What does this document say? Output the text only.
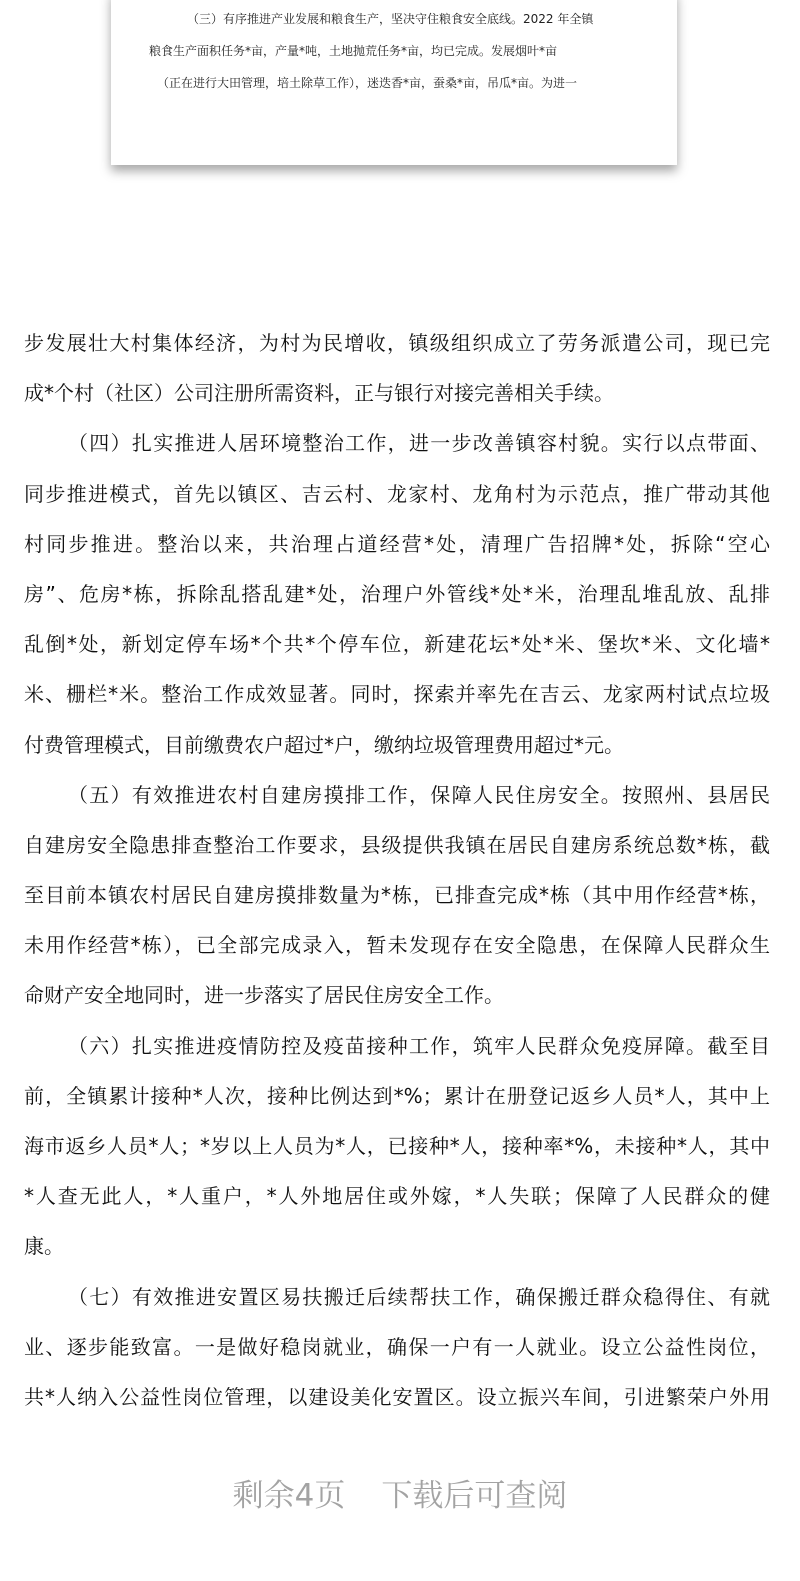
（三）有序推进产业发展和粮食生产，坚决守住粮食安全底线。2022 年全镇
粮食生产面积任务*亩，产量*吨，土地抛荒任务*亩，均已完成。发展烟叶*亩
（正在进行大田管理，培土除草工作），迷迭香*亩，蚕桑*亩，吊瓜*亩。为进一
步发展壮大村集体经济，为村为民增收，镇级组织成立了劳务派遣公司，现已完
成*个村（社区）公司注册所需资料，正与银行对接完善相关手续。
（四）扎实推进人居环境整治工作，进一步改善镇容村貌。实行以点带面、
同步推进模式，首先以镇区、吉云村、龙家村、龙角村为示范点，推广带动其他
村同步推进。整治以来，共治理占道经营*处，清理广告招牌*处，拆除“空心
房”、危房*栋，拆除乱搭乱建*处，治理户外管线*处*米，治理乱堆乱放、乱排
乱倒*处，新划定停车场*个共*个停车位，新建花坛*处*米、堡坎*米、文化墙*
米、栅栏*米。整治工作成效显著。同时，探索并率先在吉云、龙家两村试点垃圾
付费管理模式，目前缴费农户超过*户，缴纳垃圾管理费用超过*元。
（五）有效推进农村自建房摸排工作，保障人民住房安全。按照州、县居民
自建房安全隐患排查整治工作要求，县级提供我镇在居民自建房系统总数*栋，截
至目前本镇农村居民自建房摸排数量为*栋，已排查完成*栋（其中用作经营*栋，
未用作经营*栋），已全部完成录入，暂未发现存在安全隐患，在保障人民群众生
命财产安全地同时，进一步落实了居民住房安全工作。
（六）扎实推进疫情防控及疫苗接种工作，筑牢人民群众免疫屏障。截至目
前，全镇累计接种*人次，接种比例达到*%；累计在册登记返乡人员*人，其中上
海市返乡人员*人；*岁以上人员为*人，已接种*人，接种率*%，未接种*人，其中
*人查无此人，*人重户，*人外地居住或外嫁，*人失联；保障了人民群众的健
康。
（七）有效推进安置区易扶搬迁后续帮扶工作，确保搬迁群众稳得住、有就
业、逐步能致富。一是做好稳岗就业，确保一户有一人就业。设立公益性岗位，
共*人纳入公益性岗位管理，以建设美化安置区。设立振兴车间，引进繁荣户外用
剩余4页 下载后可查阅
